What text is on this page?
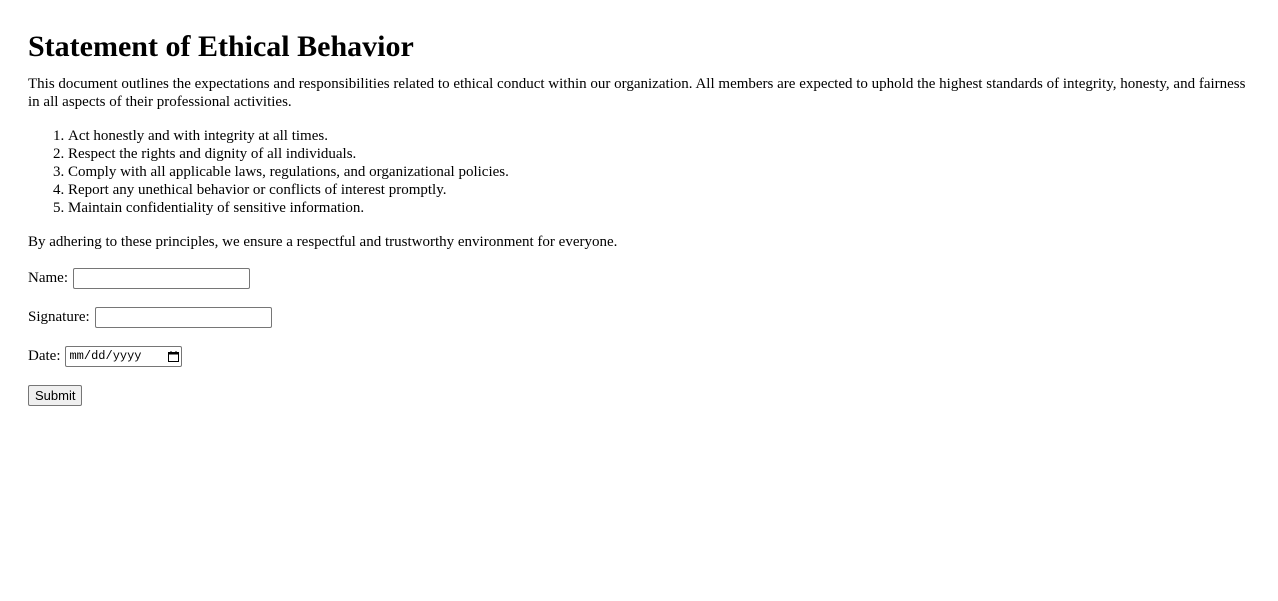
Statement of Ethical Behavior

This document outlines the expectations and responsibilities related to ethical conduct within our organization. All members are expected to uphold the highest standards of integrity, honesty, and fairness in all aspects of their professional activities.

1. Act honestly and with integrity at all times.
2. Respect the rights and dignity of all individuals.
3. Comply with all applicable laws, regulations, and organizational policies.
4. Report any unethical behavior or conflicts of interest promptly.
5. Maintain confidentiality of sensitive information.

By adhering to these principles, we ensure a respectful and trustworthy environment for everyone.

Name:
Signature:
Date: mm/dd/yyyy
Submit
